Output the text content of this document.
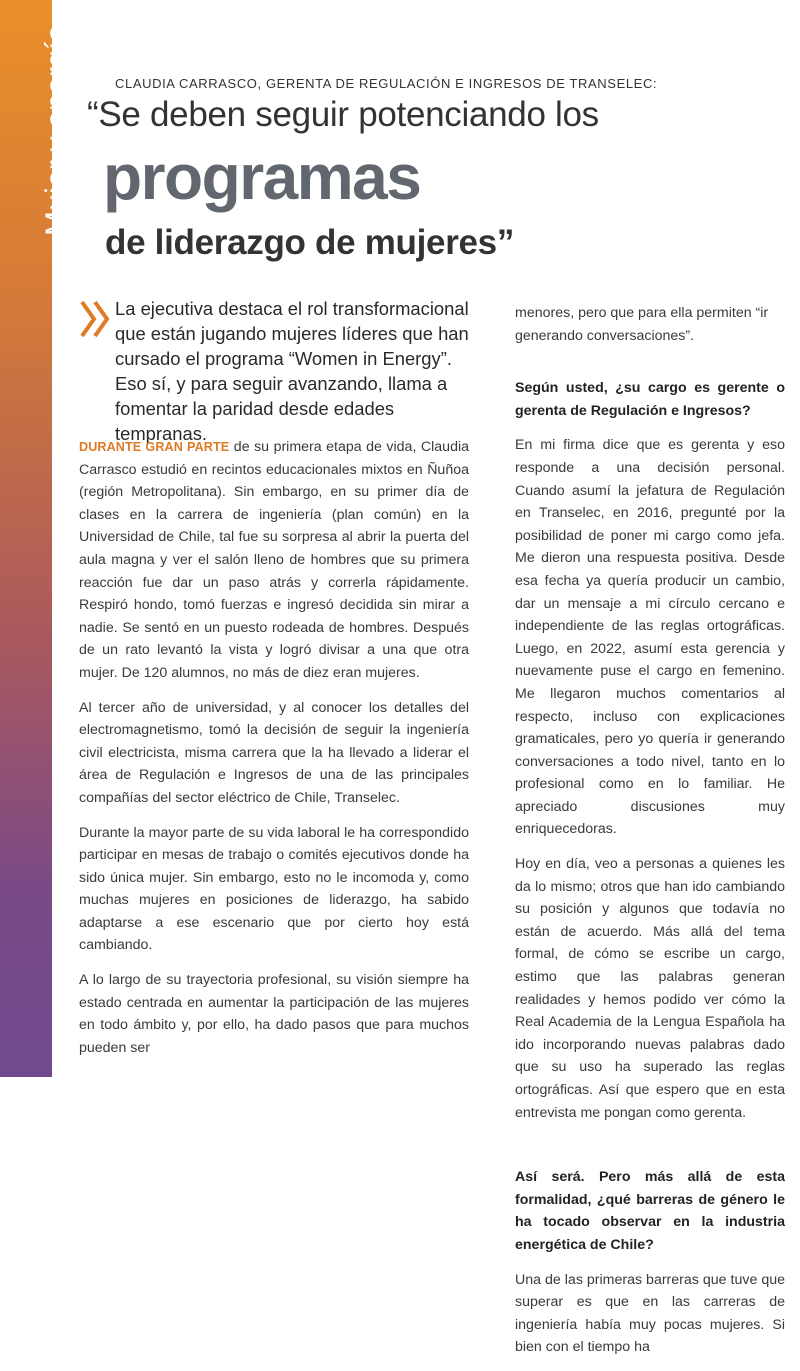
Mujer y energía	CLAUDIA CARRASCO, GERENTA DE REGULACIÓN E INGRESOS DE TRANSELEC:
“Se deben seguir potenciando los
programas
de liderazgo de mujeres”
La ejecutiva destaca el rol transformacional que están jugando mujeres líderes que han cursado el programa “Women in Energy”. Eso sí, y para seguir avanzando, llama a fomentar la paridad desde edades tempranas.

DURANTE GRAN PARTE de su primera etapa de vida, Claudia Carrasco estudió en recintos educacionales mixtos en Ñuñoa (región Metropolitana). Sin embargo, en su primer día de clases en la carrera de ingeniería (plan común) en la Universidad de Chile, tal fue su sorpresa al abrir la puerta del aula magna y ver el salón lleno de hombres que su primera reacción fue dar un paso atrás y correrla rápidamente. Respiró hondo, tomó fuerzas e ingresó decidida sin mirar a nadie. Se sentó en un puesto rodeada de hombres. Después de un rato levantó la vista y logró divisar a una que otra mujer. De 120 alumnos, no más de diez eran mujeres.

Al tercer año de universidad, y al conocer los detalles del electromagnetismo, tomó la decisión de seguir la ingeniería civil electricista, misma carrera que la ha llevado a liderar el área de Regulación e Ingresos de una de las principales compañías del sector eléctrico de Chile, Transelec.

Durante la mayor parte de su vida laboral le ha correspondido participar en mesas de trabajo o comités ejecutivos donde ha sido única mujer. Sin embargo, esto no le incomoda y, como muchas mujeres en posiciones de liderazgo, ha sabido adaptarse a ese escenario que por cierto hoy está cambiando.

A lo largo de su trayectoria profesional, su visión siempre ha estado centrada en aumentar la participación de las mujeres en todo ámbito y, por ello, ha dado pasos que para muchos pueden ser

menores, pero que para ella permiten “ir generando conversaciones”.

Según usted, ¿su cargo es gerente o gerenta de Regulación e Ingresos?

En mi firma dice que es gerenta y eso responde a una decisión personal. Cuando asumí la jefatura de Regulación en Transelec, en 2016, pregunté por la posibilidad de poner mi cargo como jefa. Me dieron una respuesta positiva. Desde esa fecha ya quería producir un cambio, dar un mensaje a mi círculo cercano e independiente de las reglas ortográficas. Luego, en 2022, asumí esta gerencia y nuevamente puse el cargo en femenino. Me llegaron muchos comentarios al respecto, incluso con explicaciones gramaticales, pero yo quería ir generando conversaciones a todo nivel, tanto en lo profesional como en lo familiar. He apreciado discusiones muy enriquecedoras.

Hoy en día, veo a personas a quienes les da lo mismo; otros que han ido cambiando su posición y algunos que todavía no están de acuerdo. Más allá del tema formal, de cómo se escribe un cargo, estimo que las palabras generan realidades y hemos podido ver cómo la Real Academia de la Lengua Española ha ido incorporando nuevas palabras dado que su uso ha superado las reglas ortográficas. Así que espero que en esta entrevista me pongan como gerenta.

Así será. Pero más allá de esta formalidad, ¿qué barreras de género le ha tocado observar en la industria energética de Chile?

Una de las primeras barreras que tuve que superar es que en las carreras de ingeniería había muy pocas mujeres. Si bien con el tiempo ha
